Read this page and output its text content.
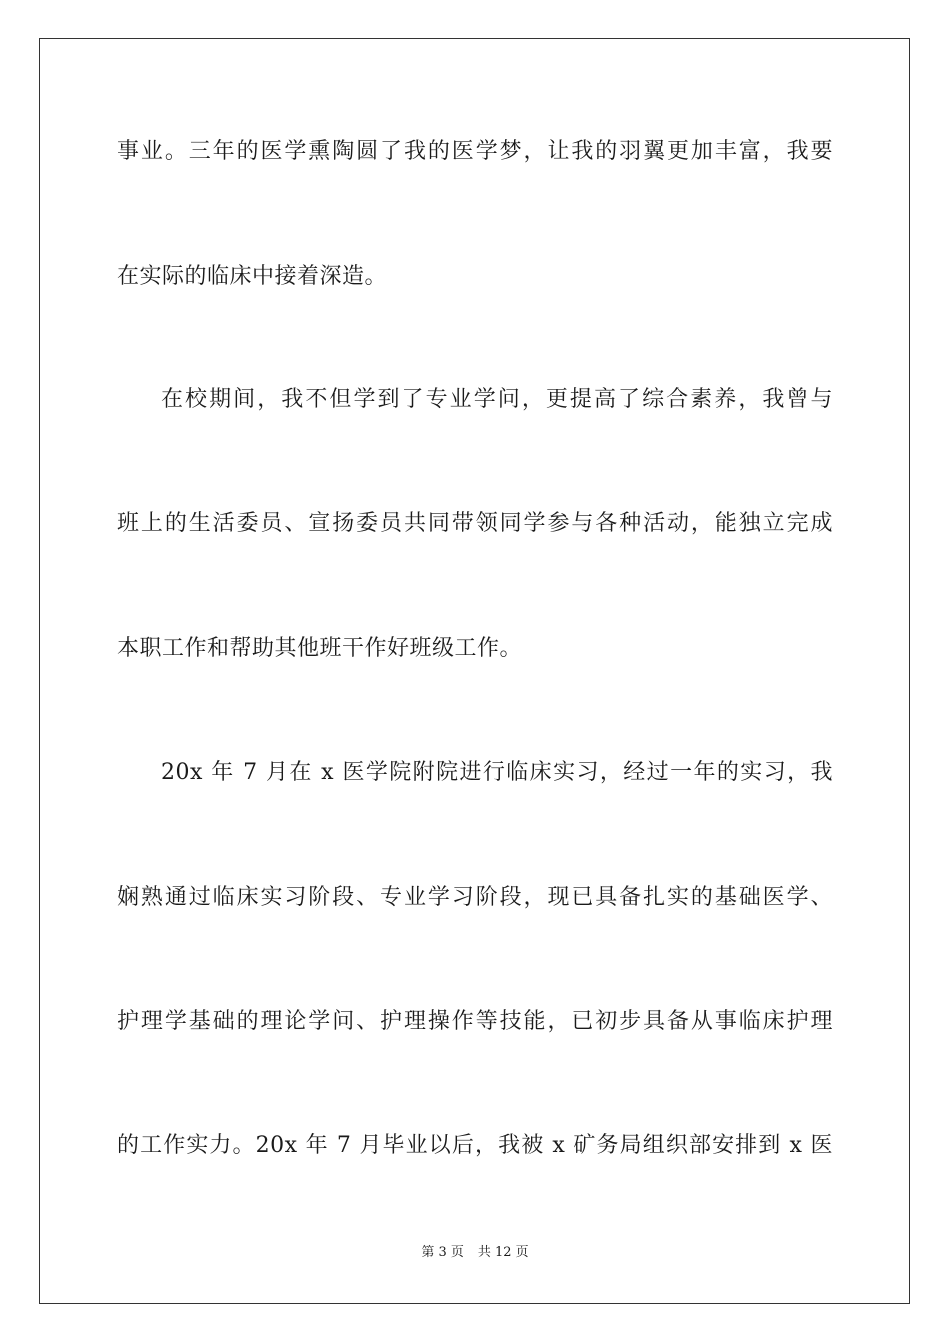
事业。三年的医学熏陶圆了我的医学梦，让我的羽翼更加丰富，我要
在实际的临床中接着深造。
在校期间，我不但学到了专业学问，更提高了综合素养，我曾与
班上的生活委员、宣扬委员共同带领同学参与各种活动，能独立完成
本职工作和帮助其他班干作好班级工作。
20x 年 7 月在 x 医学院附院进行临床实习，经过一年的实习，我
娴熟通过临床实习阶段、专业学习阶段，现已具备扎实的基础医学、
护理学基础的理论学问、护理操作等技能，已初步具备从事临床护理
的工作实力。20x 年 7 月毕业以后，我被 x 矿务局组织部安排到 x 医
第 3 页 共 12 页
